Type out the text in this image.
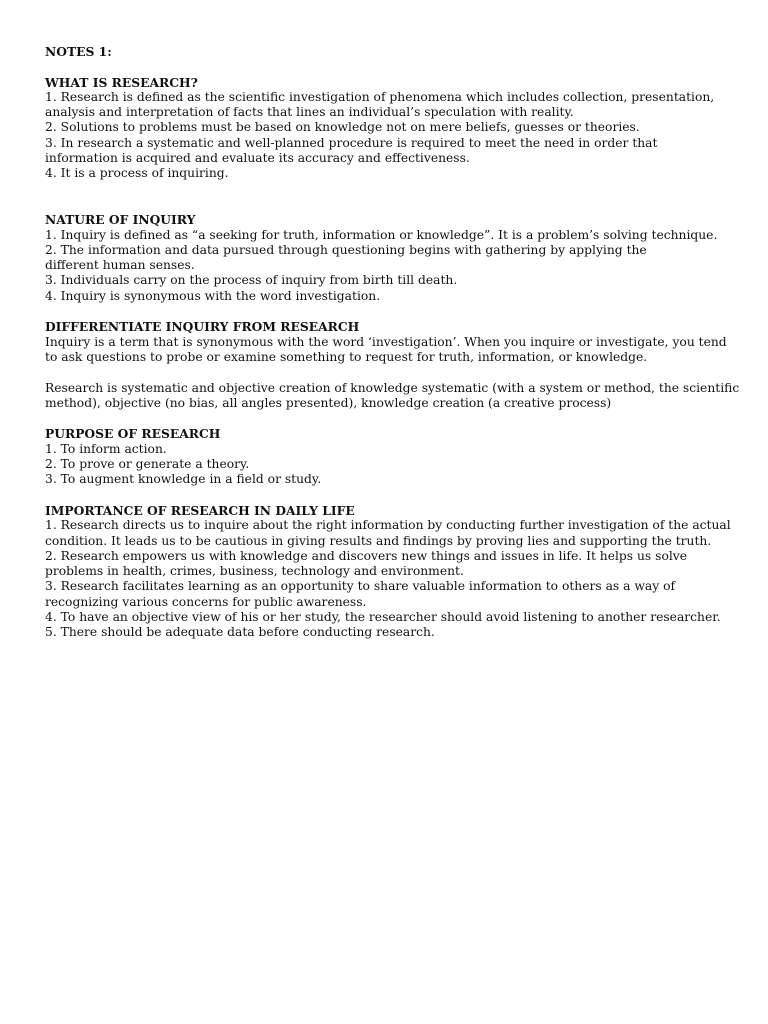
NOTES 1:
WHAT IS RESEARCH?
1. Research is defined as the scientific investigation of phenomena which includes collection, presentation,
analysis and interpretation of facts that lines an individual’s speculation with reality.
2. Solutions to problems must be based on knowledge not on mere beliefs, guesses or theories.
3. In research a systematic and well-planned procedure is required to meet the need in order that
information is acquired and evaluate its accuracy and effectiveness.
4. It is a process of inquiring.
NATURE OF INQUIRY
1. Inquiry is defined as “a seeking for truth, information or knowledge”. It is a problem’s solving technique.
2. The information and data pursued through questioning begins with gathering by applying the
different human senses.
3. Individuals carry on the process of inquiry from birth till death.
4. Inquiry is synonymous with the word investigation.
DIFFERENTIATE INQUIRY FROM RESEARCH
Inquiry is a term that is synonymous with the word ‘investigation’. When you inquire or investigate, you tend
to ask questions to probe or examine something to request for truth, information, or knowledge.
Research is systematic and objective creation of knowledge systematic (with a system or method, the scientific
method), objective (no bias, all angles presented), knowledge creation (a creative process)
PURPOSE OF RESEARCH
1. To inform action.
2. To prove or generate a theory.
3. To augment knowledge in a field or study.
IMPORTANCE OF RESEARCH IN DAILY LIFE
1. Research directs us to inquire about the right information by conducting further investigation of the actual
condition. It leads us to be cautious in giving results and findings by proving lies and supporting the truth.
2. Research empowers us with knowledge and discovers new things and issues in life. It helps us solve
problems in health, crimes, business, technology and environment.
3. Research facilitates learning as an opportunity to share valuable information to others as a way of
recognizing various concerns for public awareness.
4. To have an objective view of his or her study, the researcher should avoid listening to another researcher.
5. There should be adequate data before conducting research.
